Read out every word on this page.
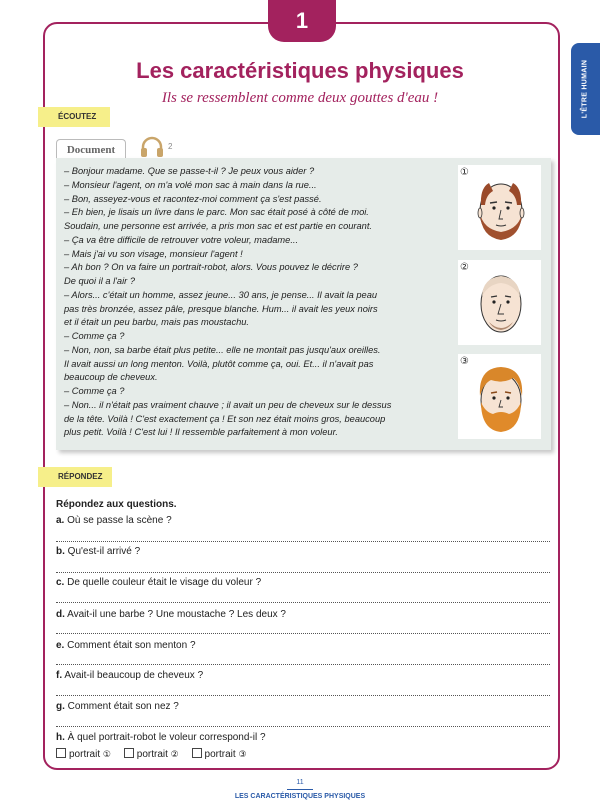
1
L'ÊTRE HUMAIN
Les caractéristiques physiques
Ils se ressemblent comme deux gouttes d'eau !
ÉCOUTEZ
Document	2
– Bonjour madame. Que se passe-t-il ? Je peux vous aider ?
– Monsieur l'agent, on m'a volé mon sac à main dans la rue...
– Bon, asseyez-vous et racontez-moi comment ça s'est passé.
– Eh bien, je lisais un livre dans le parc. Mon sac était posé à côté de moi.
Soudain, une personne est arrivée, a pris mon sac et est partie en courant.
– Ça va être difficile de retrouver votre voleur, madame...
– Mais j'ai vu son visage, monsieur l'agent !
– Ah bon ? On va faire un portrait-robot, alors. Vous pouvez le décrire ?
De quoi il a l'air ?
– Alors... c'était un homme, assez jeune... 30 ans, je pense... Il avait la peau
pas très bronzée, assez pâle, presque blanche. Hum... il avait les yeux noirs
et il était un peu barbu, mais pas moustachu.
– Comme ça ?
– Non, non, sa barbe était plus petite... elle ne montait pas jusqu'aux oreilles.
Il avait aussi un long menton. Voilà, plutôt comme ça, oui. Et... il n'avait pas
beaucoup de cheveux.
– Comme ça ?
– Non... il n'était pas vraiment chauve ; il avait un peu de cheveux sur le dessus
de la tête. Voilà ! C'est exactement ça ! Et son nez était moins gros, beaucoup
plus petit. Voilà ! C'est lui ! Il ressemble parfaitement à mon voleur.
①
②
③
RÉPONDEZ
Répondez aux questions.
a. Où se passe la scène ?
b. Qu'est-il arrivé ?
c. De quelle couleur était le visage du voleur ?
d. Avait-il une barbe ? Une moustache ? Les deux ?
e. Comment était son menton ?
f. Avait-il beaucoup de cheveux ?
g. Comment était son nez ?
h. À quel portrait-robot le voleur correspond-il ?
portrait ①	portrait ②	portrait ③
11
LES CARACTÉRISTIQUES PHYSIQUES
